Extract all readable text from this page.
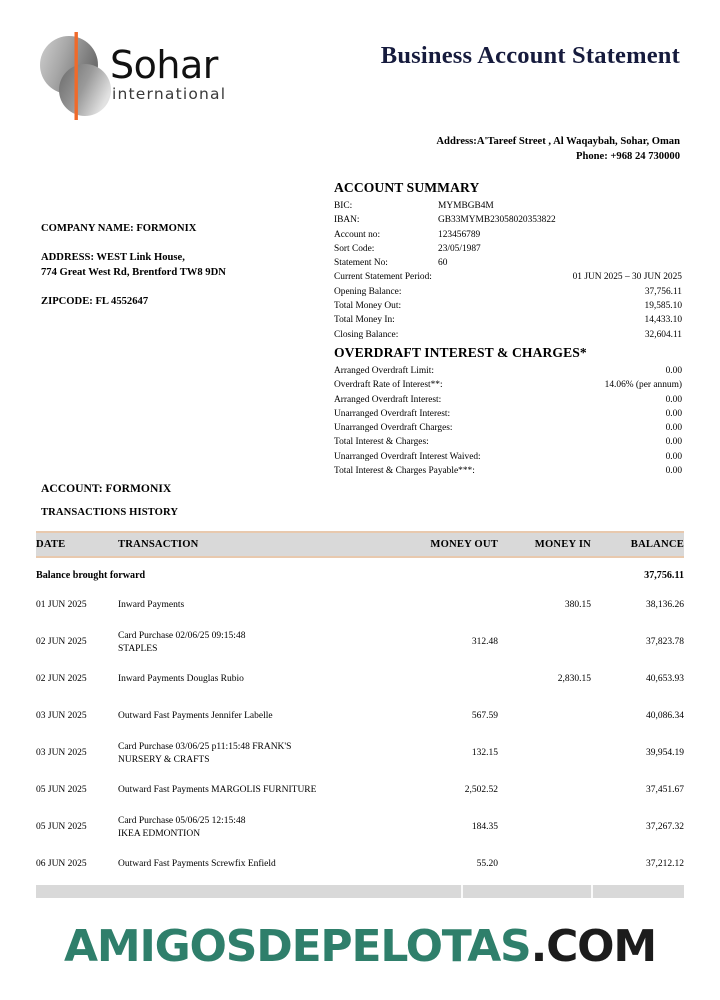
Sohar
international
Business Account Statement
Address:A'Tareef Street , Al Waqaybah, Sohar, Oman
Phone: +968 24 730000
COMPANY NAME: FORMONIX
ADDRESS: WEST Link House,
774 Great West Rd, Brentford TW8 9DN
ZIPCODE: FL 4552647
ACCOUNT SUMMARY
BIC:	MYMBGB4M
IBAN:	GB33MYMB23058020353822
Account no:	123456789
Sort Code:	23/05/1987
Statement No:	60
Current Statement Period:	01 JUN 2025 – 30 JUN 2025
Opening Balance:	37,756.11
Total Money Out:	19,585.10
Total Money In:	14,433.10
Closing Balance:	32,604.11
OVERDRAFT INTEREST & CHARGES*
Arranged Overdraft Limit:	0.00
Overdraft Rate of Interest**:	14.06% (per annum)
Arranged Overdraft Interest:	0.00
Unarranged Overdraft Interest:	0.00
Unarranged Overdraft Charges:	0.00
Total Interest & Charges:	0.00
Unarranged Overdraft Interest Waived:	0.00
Total Interest & Charges Payable***:	0.00
ACCOUNT: FORMONIX
TRANSACTIONS HISTORY
DATE	TRANSACTION	MONEY OUT	MONEY IN	BALANCE
Balance brought forward				37,756.11
01 JUN 2025	Inward Payments		380.15	38,136.26
02 JUN 2025	Card Purchase 02/06/25 09:15:48
STAPLES	312.48		37,823.78
02 JUN 2025	Inward Payments Douglas Rubio		2,830.15	40,653.93
03 JUN 2025	Outward Fast Payments Jennifer Labelle	567.59		40,086.34
03 JUN 2025	Card Purchase 03/06/25 p11:15:48 FRANK'S
NURSERY & CRAFTS	132.15		39,954.19
05 JUN 2025	Outward Fast Payments MARGOLIS FURNITURE	2,502.52		37,451.67
05 JUN 2025	Card Purchase 05/06/25 12:15:48
IKEA EDMONTION	184.35		37,267.32
06 JUN 2025	Outward Fast Payments Screwfix Enfield	55.20		37,212.12
AMIGOSDEPELOTAS.COM
